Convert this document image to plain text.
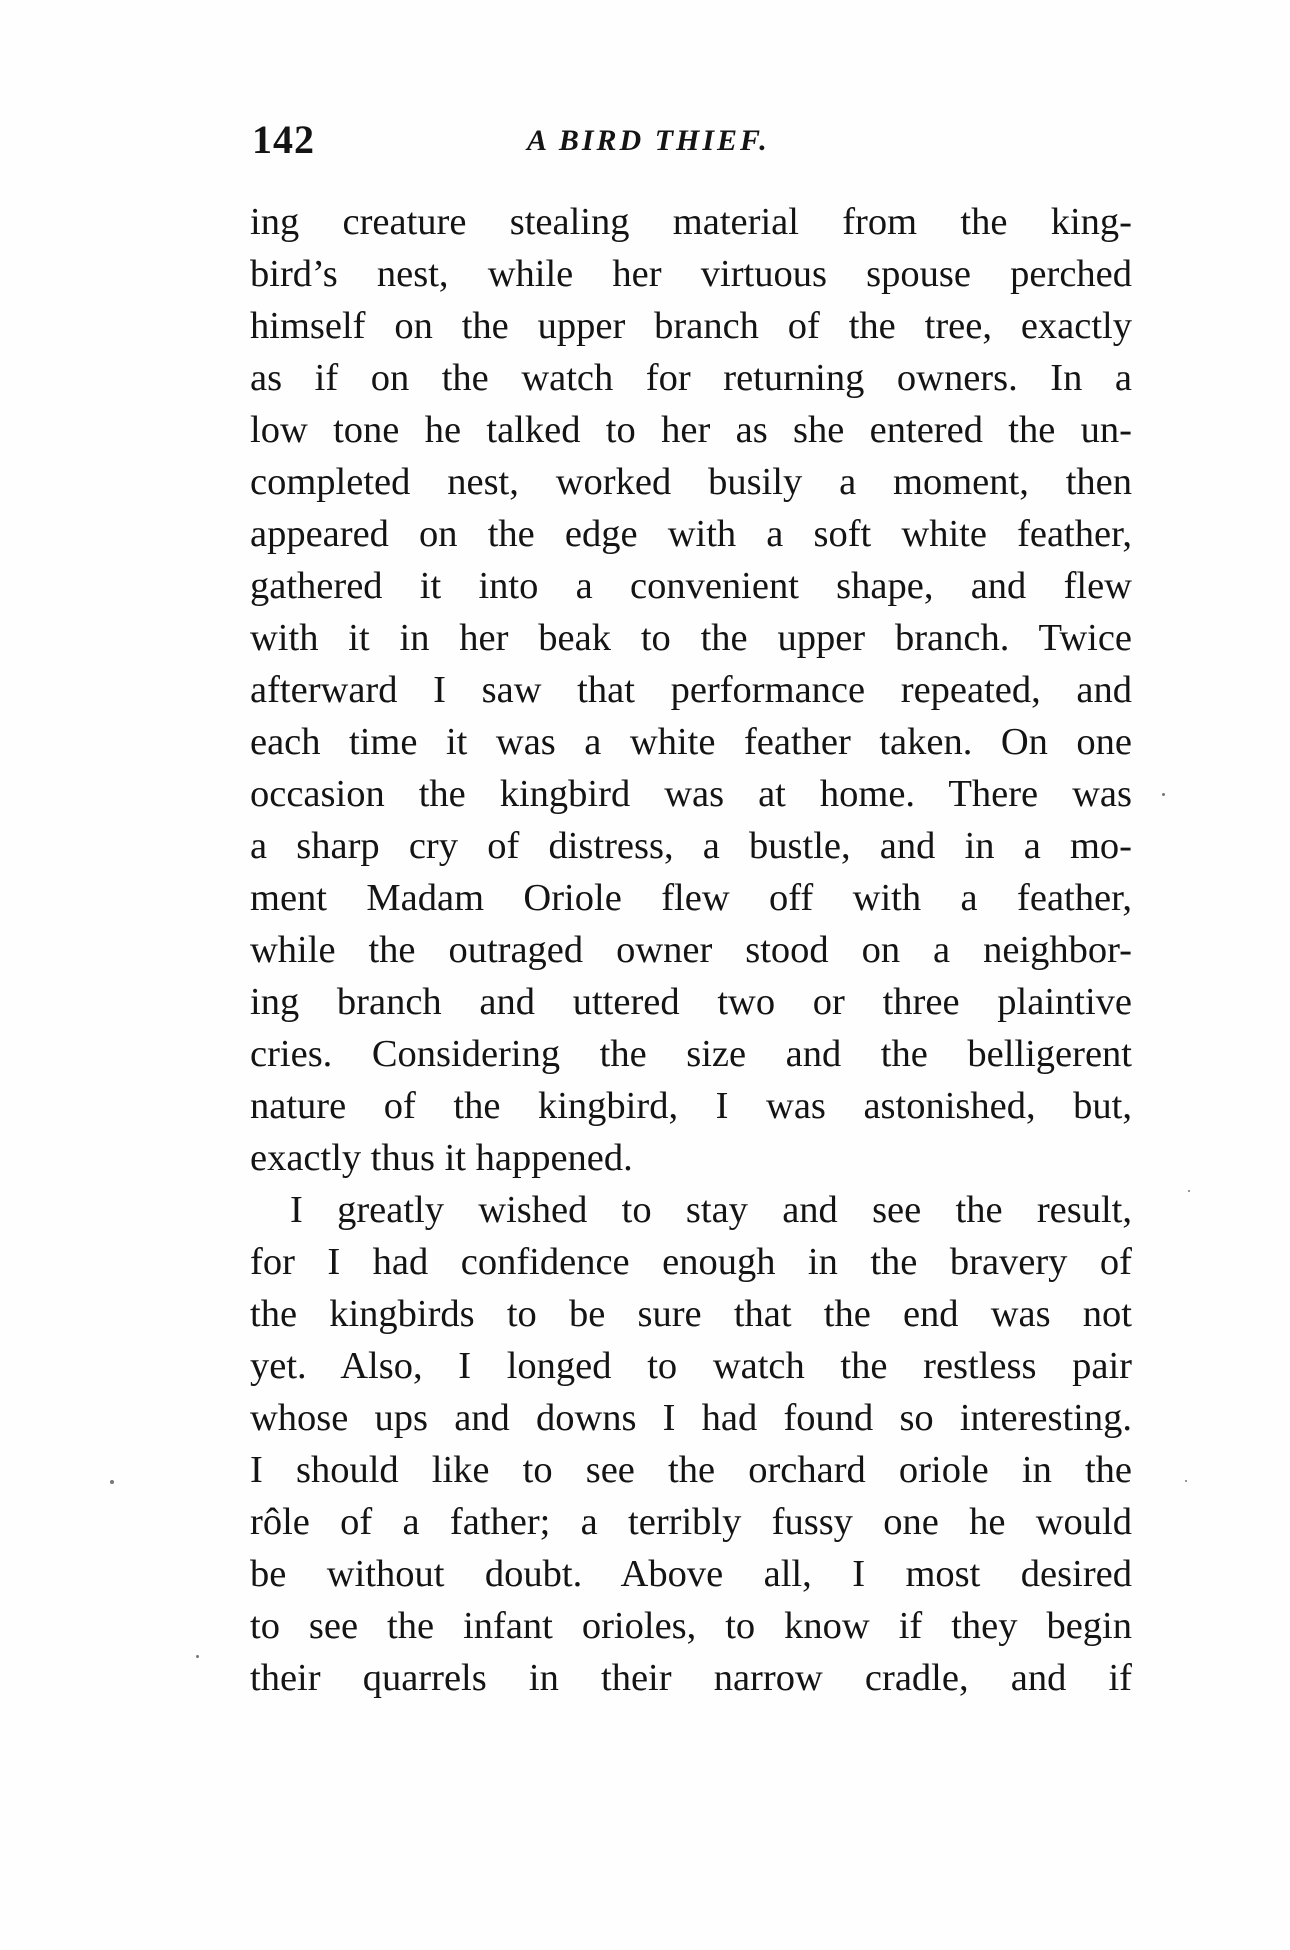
142	A BIRD THIEF.
ing creature stealing material from the king-
bird’s nest, while her virtuous spouse perched
himself on the upper branch of the tree, exactly
as if on the watch for returning owners. In a
low tone he talked to her as she entered the un-
completed nest, worked busily a moment, then
appeared on the edge with a soft white feather,
gathered it into a convenient shape, and flew
with it in her beak to the upper branch. Twice
afterward I saw that performance repeated, and
each time it was a white feather taken. On one
occasion the kingbird was at home. There was
a sharp cry of distress, a bustle, and in a mo-
ment Madam Oriole flew off with a feather,
while the outraged owner stood on a neighbor-
ing branch and uttered two or three plaintive
cries. Considering the size and the belligerent
nature of the kingbird, I was astonished, but,
exactly thus it happened.
I greatly wished to stay and see the result,
for I had confidence enough in the bravery of
the kingbirds to be sure that the end was not
yet. Also, I longed to watch the restless pair
whose ups and downs I had found so interesting.
I should like to see the orchard oriole in the
rôle of a father; a terribly fussy one he would
be without doubt. Above all, I most desired
to see the infant orioles, to know if they begin
their quarrels in their narrow cradle, and if
